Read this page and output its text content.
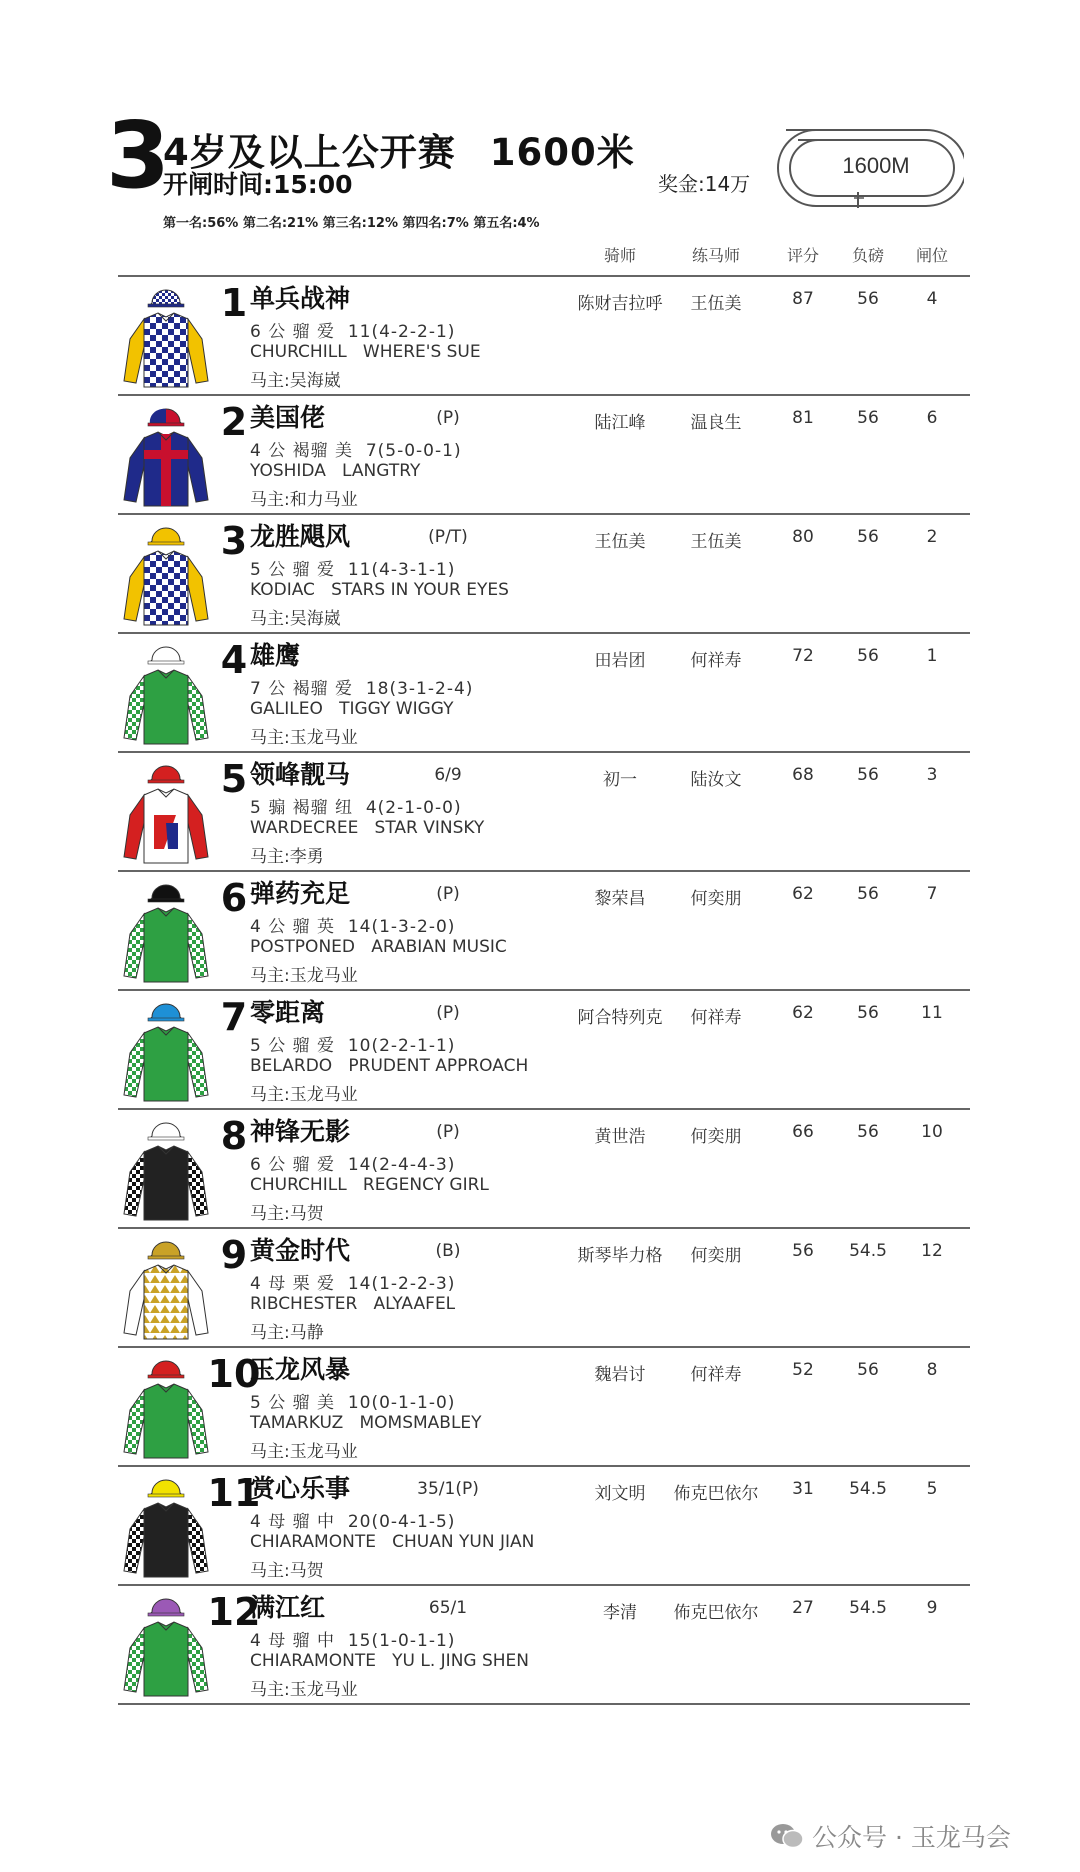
3
4岁及以上公开赛 1600米
开闸时间:15:00	奖金:14万
第一名:56% 第二名:21% 第三名:12% 第四名:7% 第五名:4%
1600M
骑师	练马师	评分 负磅 闸位
1 单兵战神
6 公 骝 爱  11(4-2-2-1)
CHURCHILL   WHERE'S SUE
马主:吴海崴
陈财吉拉呼 王伍美	87	56	4
2 美国佬	(P)
4 公 褐骝 美  7(5-0-0-1)
YOSHIDA   LANGTRY
马主:和力马业
陆江峰	温良生	81	56	6
3 龙胜飓风	(P/T)
5 公 骝 爱  11(4-3-1-1)
KODIAC   STARS IN YOUR EYES
马主:吴海崴
王伍美	王伍美	80	56	2
4 雄鹰
7 公 褐骝 爱  18(3-1-2-4)
GALILEO   TIGGY WIGGY
马主:玉龙马业
田岩团	何祥寿	72	56	1
5 领峰靓马	6/9
5 骟 褐骝 纽  4(2-1-0-0)
WARDECREE   STAR VINSKY
马主:李勇
初一	陆汝文	68	56	3
6 弹药充足	(P)
4 公 骝 英  14(1-3-2-0)
POSTPONED   ARABIAN MUSIC
马主:玉龙马业
黎荣昌	何奕朋	62	56	7
7 零距离	(P)
5 公 骝 爱  10(2-2-1-1)
BELARDO   PRUDENT APPROACH
马主:玉龙马业
阿合特列克 何祥寿	62	56 11
8 神锋无影	(P)
6 公 骝 爱  14(2-4-4-3)
CHURCHILL   REGENCY GIRL
马主:马贺
黄世浩	何奕朋	66	56 10
9 黄金时代	(B)
4 母 栗 爱  14(1-2-2-3)
RIBCHESTER   ALYAAFEL
马主:马静
斯琴毕力格 何奕朋	56 54.5 12
10
玉龙风暴
5 公 骝 美  10(0-1-1-0)
TAMARKUZ   MOMSMABLEY
马主:玉龙马业
魏岩讨	何祥寿	52	56	8
11
赏心乐事	35/1(P)
4 母 骝 中  20(0-4-1-5)
CHIARAMONTE   CHUAN YUN JIAN
马主:马贺
刘文明 佈克巴依尔 31 54.5 5
12
满江红	65/1
4 母 骝 中  15(1-0-1-1)
CHIARAMONTE   YU L. JING SHEN
马主:玉龙马业
李清 佈克巴依尔 27 54.5 9
公众号 · 玉龙马会
